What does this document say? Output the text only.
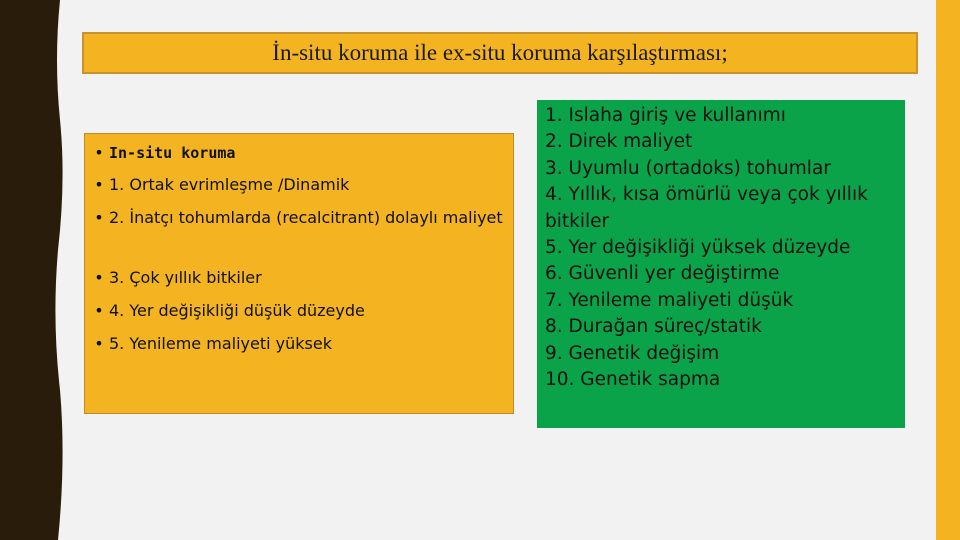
İn-situ koruma ile ex-situ koruma karşılaştırması;
• In-situ koruma
• 1. Ortak evrimleşme /Dinamik
• 2. İnatçı tohumlarda (recalcitrant) dolaylı maliyet
• 3. Çok yıllık bitkiler
• 4. Yer değişikliği düşük düzeyde
• 5. Yenileme maliyeti yüksek
1. Islaha giriş ve kullanımı
2. Direk maliyet
3. Uyumlu (ortadoks) tohumlar
4. Yıllık, kısa ömürlü veya çok yıllık
bitkiler
5. Yer değişikliği yüksek düzeyde
6. Güvenli yer değiştirme
7. Yenileme maliyeti düşük
8. Durağan süreç/statik
9. Genetik değişim
10. Genetik sapma
